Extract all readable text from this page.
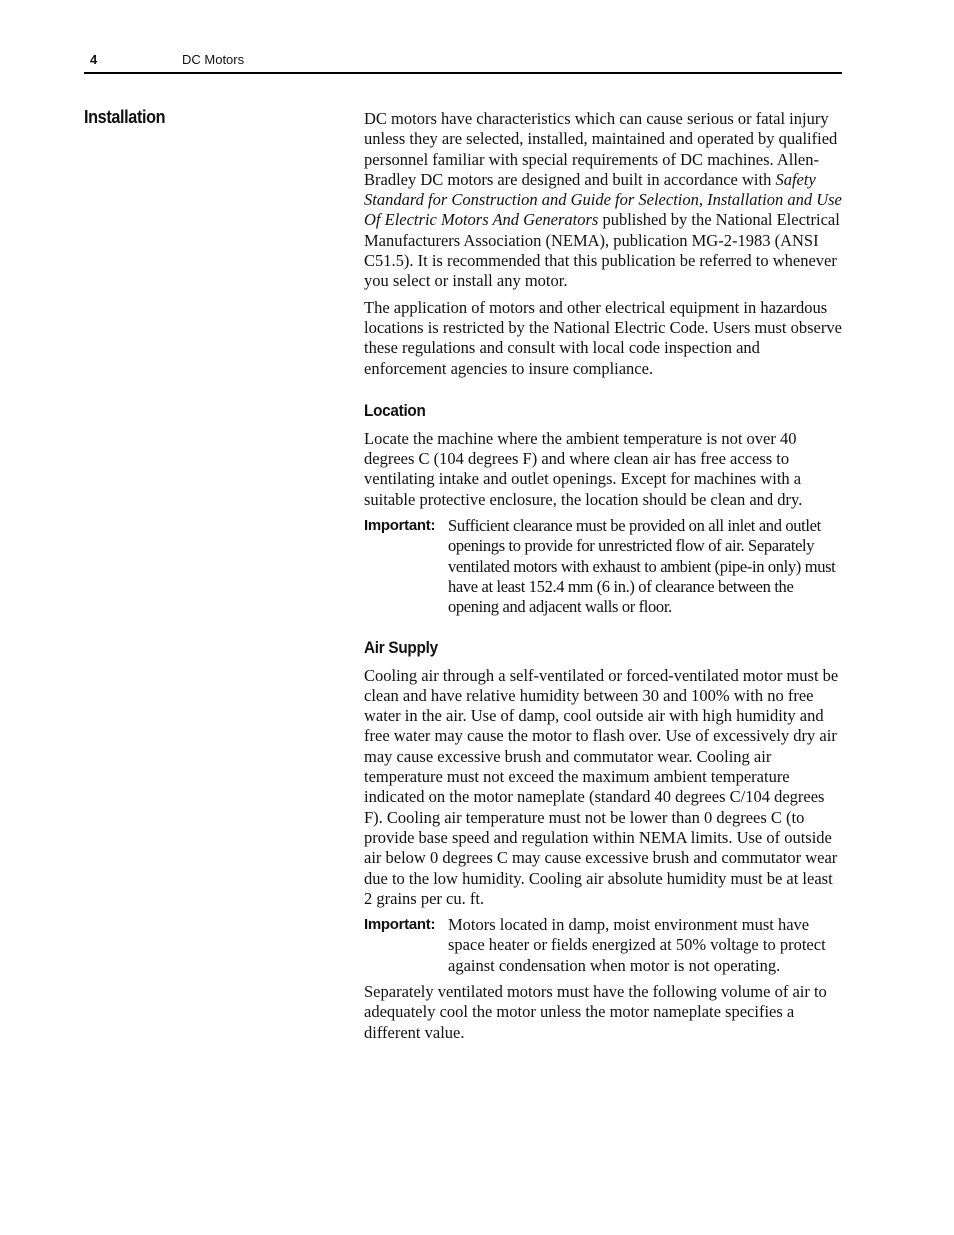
4	DC Motors
Installation	DC motors have characteristics which can cause serious or fatal injury unless they are selected, installed, maintained and operated by qualified personnel familiar with special requirements of DC machines. Allen-Bradley DC motors are designed and built in accordance with Safety Standard for Construction and Guide for Selection, Installation and Use Of Electric Motors And Generators published by the National Electrical Manufacturers Association (NEMA), publication MG-2-1983 (ANSI C51.5). It is recommended that this publication be referred to whenever you select or install any motor.

The application of motors and other electrical equipment in hazardous locations is restricted by the National Electric Code. Users must observe these regulations and consult with local code inspection and enforcement agencies to insure compliance.

Location

Locate the machine where the ambient temperature is not over 40 degrees C (104 degrees F) and where clean air has free access to ventilating intake and outlet openings. Except for machines with a suitable protective enclosure, the location should be clean and dry.

Important: Sufficient clearance must be provided on all inlet and outlet openings to provide for unrestricted flow of air. Separately ventilated motors with exhaust to ambient (pipe-in only) must have at least 152.4 mm (6 in.) of clearance between the opening and adjacent walls or floor.
Air Supply

Cooling air through a self-ventilated or forced-ventilated motor must be clean and have relative humidity between 30 and 100% with no free water in the air. Use of damp, cool outside air with high humidity and free water may cause the motor to flash over. Use of excessively dry air may cause excessive brush and commutator wear. Cooling air temperature must not exceed the maximum ambient temperature indicated on the motor nameplate (standard 40 degrees C/104 degrees F). Cooling air temperature must not be lower than 0 degrees C (to provide base speed and regulation within NEMA limits. Use of outside air below 0 degrees C may cause excessive brush and commutator wear due to the low humidity. Cooling air absolute humidity must be at least 2 grains per cu. ft.

Important: Motors located in damp, moist environment must have space heater or fields energized at 50% voltage to protect against condensation when motor is not operating.

Separately ventilated motors must have the following volume of air to adequately cool the motor unless the motor nameplate specifies a different value.
